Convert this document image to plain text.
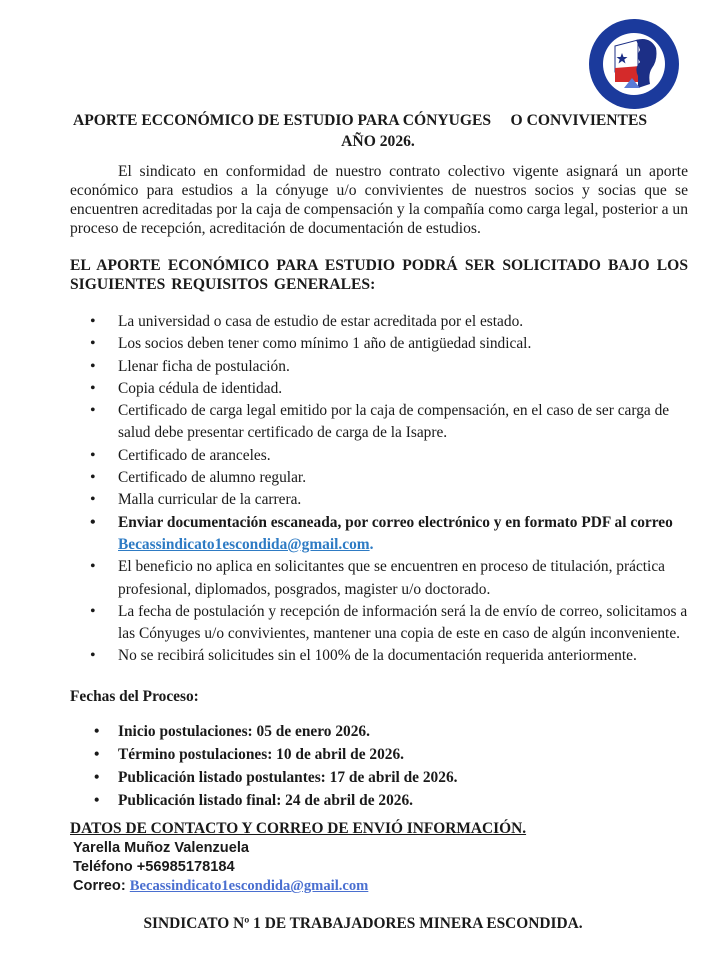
APORTE ECCONÓMICO DE ESTUDIO PARA CÓNYUGES     O CONVIVIENTES
AÑO 2026.

El sindicato en conformidad de nuestro contrato colectivo vigente asignará un aporte económico para estudios a la cónyuge u/o convivientes de nuestros socios y socias que se encuentren acreditadas por la caja de compensación y la compañía como carga legal, posterior a un proceso de recepción, acreditación de documentación de estudios.

EL APORTE ECONÓMICO PARA ESTUDIO PODRÁ SER SOLICITADO BAJO LOS SIGUIENTES REQUISITOS GENERALES:
• La universidad o casa de estudio de estar acreditada por el estado.
• Los socios deben tener como mínimo 1 año de antigüedad sindical.
• Llenar ficha de postulación.
• Copia cédula de identidad.
• Certificado de carga legal emitido por la caja de compensación, en el caso de ser carga de salud debe presentar certificado de carga de la Isapre.
• Certificado de aranceles.
• Certificado de alumno regular.
• Malla curricular de la carrera.
• Enviar documentación escaneada, por correo electrónico y en formato PDF al correo Becassindicato1escondida@gmail.com.
• El beneficio no aplica en solicitantes que se encuentren en proceso de titulación, práctica profesional, diplomados, posgrados, magister u/o doctorado.
• La fecha de postulación y recepción de información será la de envío de correo, solicitamos a las Cónyuges u/o convivientes, mantener una copia de este en caso de algún inconveniente.
• No se recibirá solicitudes sin el 100% de la documentación requerida anteriormente.
Fechas del Proceso:
• Inicio postulaciones: 05 de enero 2026.
• Término postulaciones: 10 de abril de 2026.
• Publicación listado postulantes: 17 de abril de 2026.
• Publicación listado final: 24 de abril de 2026.
DATOS DE CONTACTO Y CORREO DE ENVIÓ INFORMACIÓN.
Yarella Muñoz Valenzuela
Teléfono +56985178184
Correo: Becassindicato1escondida@gmail.com
SINDICATO Nº 1 DE TRABAJADORES MINERA ESCONDIDA.
